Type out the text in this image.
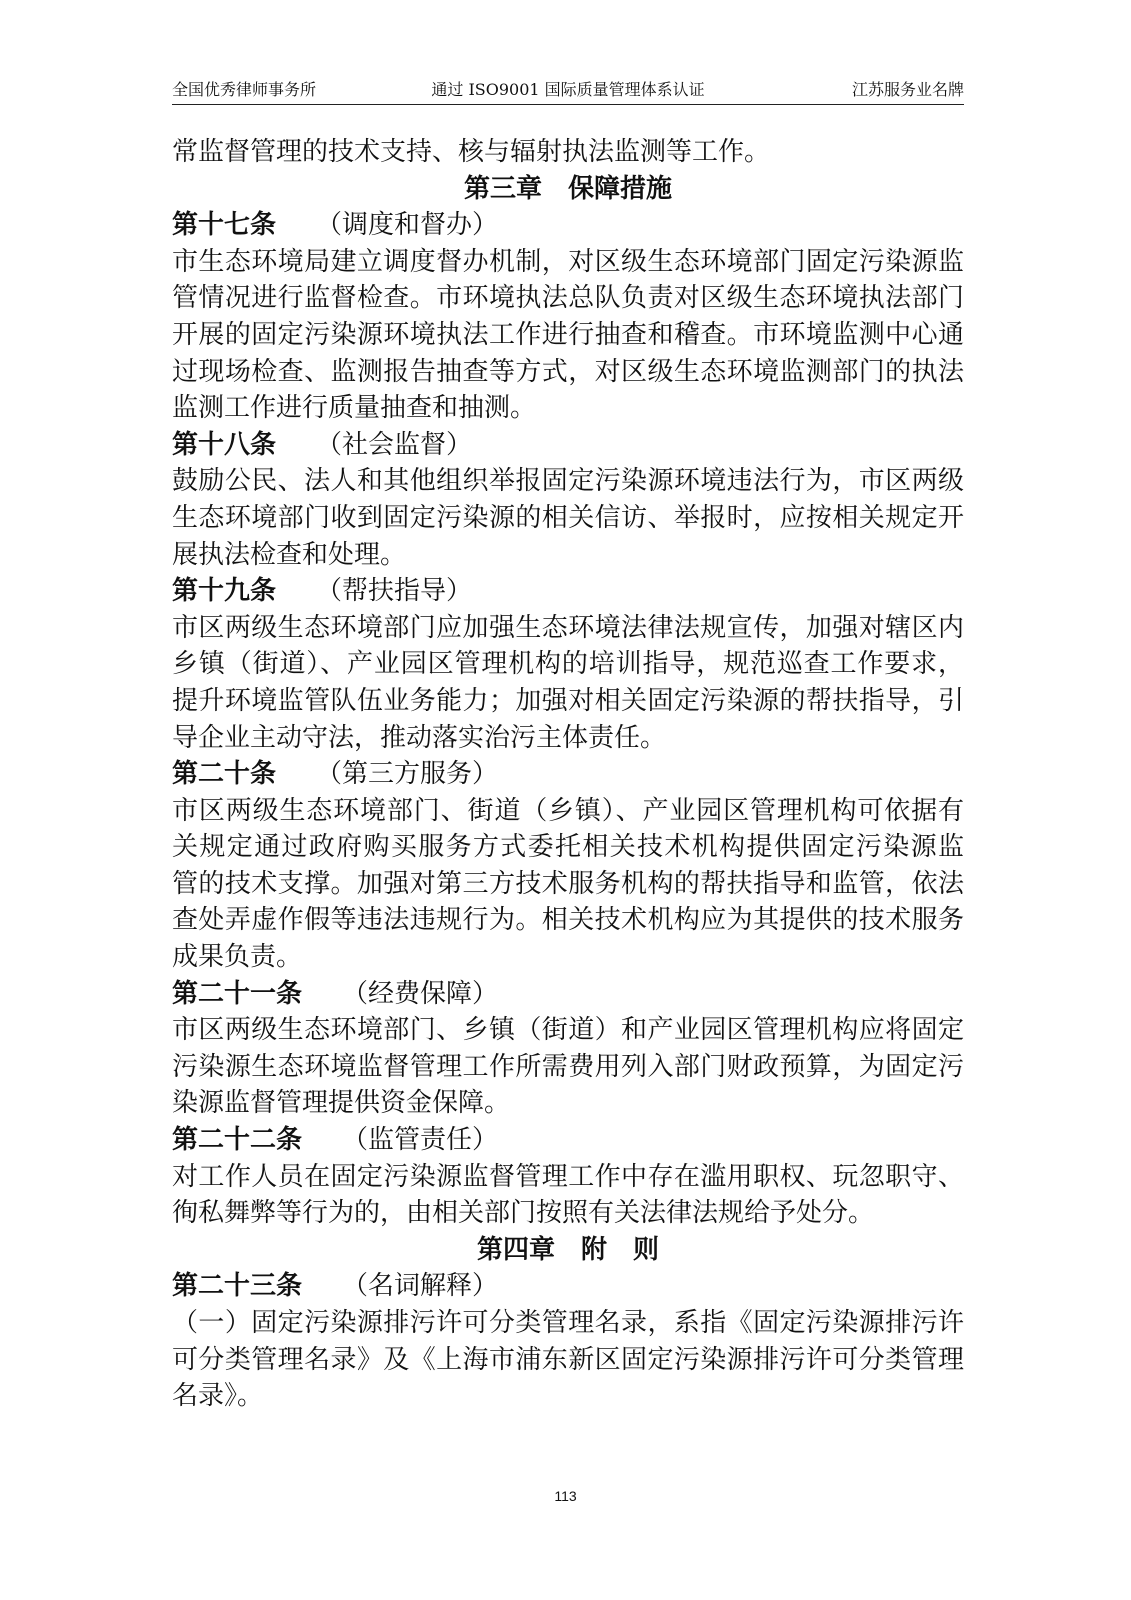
全国优秀律师事务所	通过 ISO9001 国际质量管理体系认证	江苏服务业名牌
常监督管理的技术支持、核与辐射执法监测等工作。
第三章 保障措施
第十七条 （调度和督办）
市生态环境局建立调度督办机制，对区级生态环境部门固定污染源监
管情况进行监督检查。市环境执法总队负责对区级生态环境执法部门
开展的固定污染源环境执法工作进行抽查和稽查。市环境监测中心通
过现场检查、监测报告抽查等方式，对区级生态环境监测部门的执法
监测工作进行质量抽查和抽测。
第十八条 （社会监督）
鼓励公民、法人和其他组织举报固定污染源环境违法行为，市区两级
生态环境部门收到固定污染源的相关信访、举报时，应按相关规定开
展执法检查和处理。
第十九条 （帮扶指导）
市区两级生态环境部门应加强生态环境法律法规宣传，加强对辖区内
乡镇（街道）、产业园区管理机构的培训指导，规范巡查工作要求，
提升环境监管队伍业务能力；加强对相关固定污染源的帮扶指导，引
导企业主动守法，推动落实治污主体责任。
第二十条 （第三方服务）
市区两级生态环境部门、街道（乡镇）、产业园区管理机构可依据有
关规定通过政府购买服务方式委托相关技术机构提供固定污染源监
管的技术支撑。加强对第三方技术服务机构的帮扶指导和监管，依法
查处弄虚作假等违法违规行为。相关技术机构应为其提供的技术服务
成果负责。
第二十一条 （经费保障）
市区两级生态环境部门、乡镇（街道）和产业园区管理机构应将固定
污染源生态环境监督管理工作所需费用列入部门财政预算，为固定污
染源监督管理提供资金保障。
第二十二条 （监管责任）
对工作人员在固定污染源监督管理工作中存在滥用职权、玩忽职守、
徇私舞弊等行为的，由相关部门按照有关法律法规给予处分。
第四章 附　则
第二十三条 （名词解释）
（一）固定污染源排污许可分类管理名录，系指《固定污染源排污许
可分类管理名录》及《上海市浦东新区固定污染源排污许可分类管理
名录》。
113
